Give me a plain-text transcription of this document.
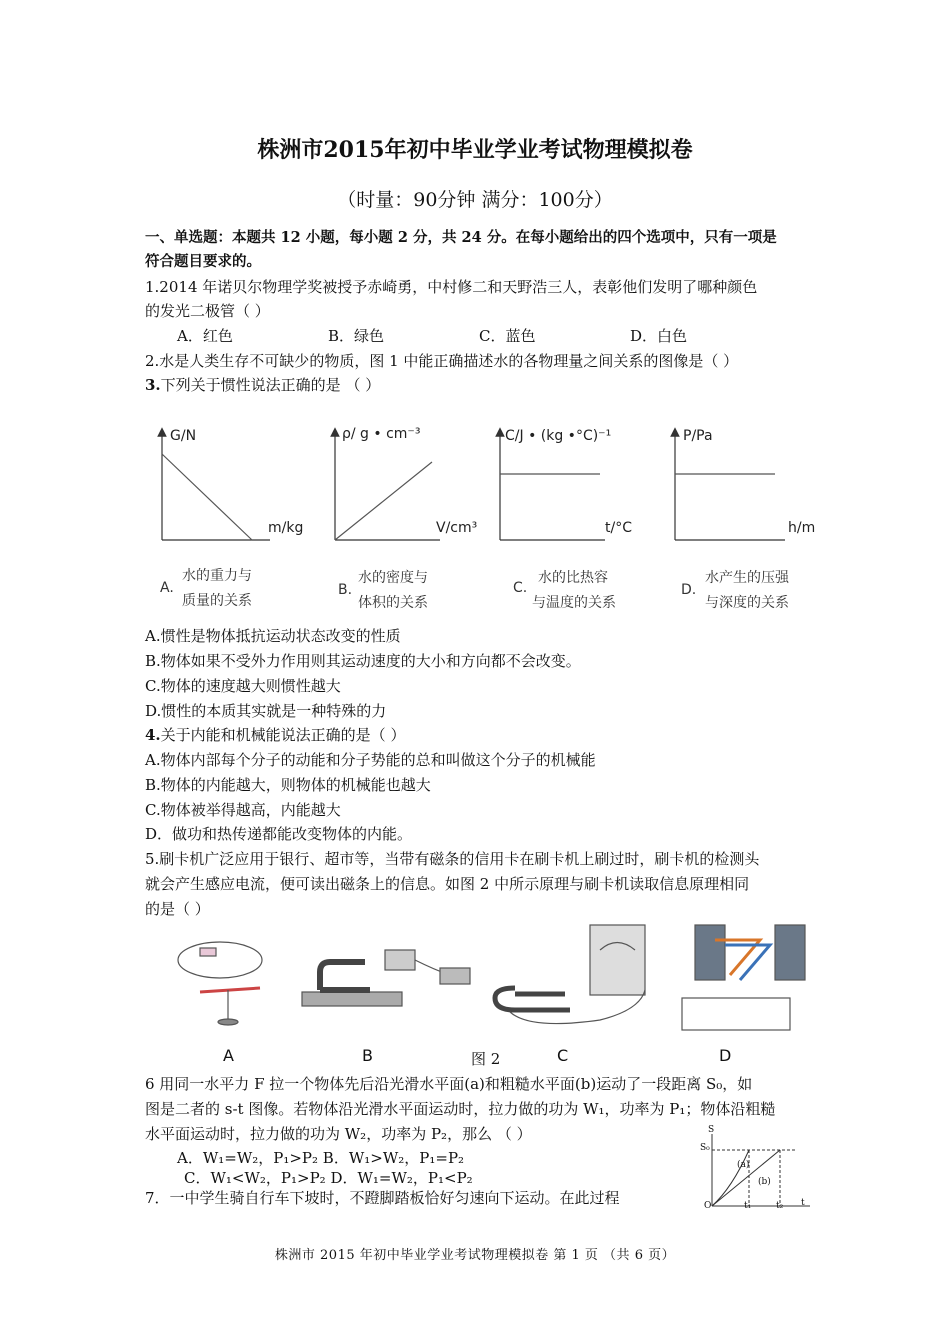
株洲市2015年初中毕业学业考试物理模拟卷
（时量：90分钟 满分：100分）
一、单选题：本题共 12 小题，每小题 2 分，共 24 分。在每小题给出的四个选项中，只有一项是
符合题目要求的。
1.2014 年诺贝尔物理学奖被授予赤崎勇，中村修二和天野浩三人，表彰他们发明了哪种颜色
的发光二极管（ ）
A．红色	B．绿色	C．蓝色	D．白色
2.水是人类生存不可缺少的物质，图 1 中能正确描述水的各物理量之间关系的图像是（ ）
3.下列关于惯性说法正确的是 （ ）
G/N
m/kg
ρ/ g • cm⁻³
V/cm³
C/J • (kg •°C)⁻¹
t/°C
P/Pa
h/m
A.
水的重力与
质量的关系
B.
水的密度与
体积的关系
C.
水的比热容
与温度的关系
D.
水产生的压强
与深度的关系
A.惯性是物体抵抗运动状态改变的性质
B.物体如果不受外力作用则其运动速度的大小和方向都不会改变。
C.物体的速度越大则惯性越大
D.惯性的本质其实就是一种特殊的力
4.关于内能和机械能说法正确的是（ ）
A.物体内部每个分子的动能和分子势能的总和叫做这个分子的机械能
B.物体的内能越大，则物体的机械能也越大
C.物体被举得越高，内能越大
D．做功和热传递都能改变物体的内能。
5.刷卡机广泛应用于银行、超市等，当带有磁条的信用卡在刷卡机上刷过时，刷卡机的检测头
就会产生感应电流，便可读出磁条上的信息。如图 2 中所示原理与刷卡机读取信息原理相同
的是（ ）
A	B	图 2	C	D
6 用同一水平力 F 拉一个物体先后沿光滑水平面(a)和粗糙水平面(b)运动了一段距离 S₀，如
图是二者的 s-t 图像。若物体沿光滑水平面运动时，拉力做的功为 W₁，功率为 P₁；物体沿粗糙
水平面运动时，拉力做的功为 W₂，功率为 P₂，那么 （ ）
A．W₁=W₂，P₁>P₂ B．W₁>W₂，P₁=P₂
C．W₁<W₂，P₁>P₂ D．W₁=W₂，P₁<P₂
S
S₀
(a)
(b)
O	t₁	t₂ t
7．一中学生骑自行车下坡时，不蹬脚踏板恰好匀速向下运动。在此过程
株洲市 2015 年初中毕业学业考试物理模拟卷 第 1 页 （共 6 页）
